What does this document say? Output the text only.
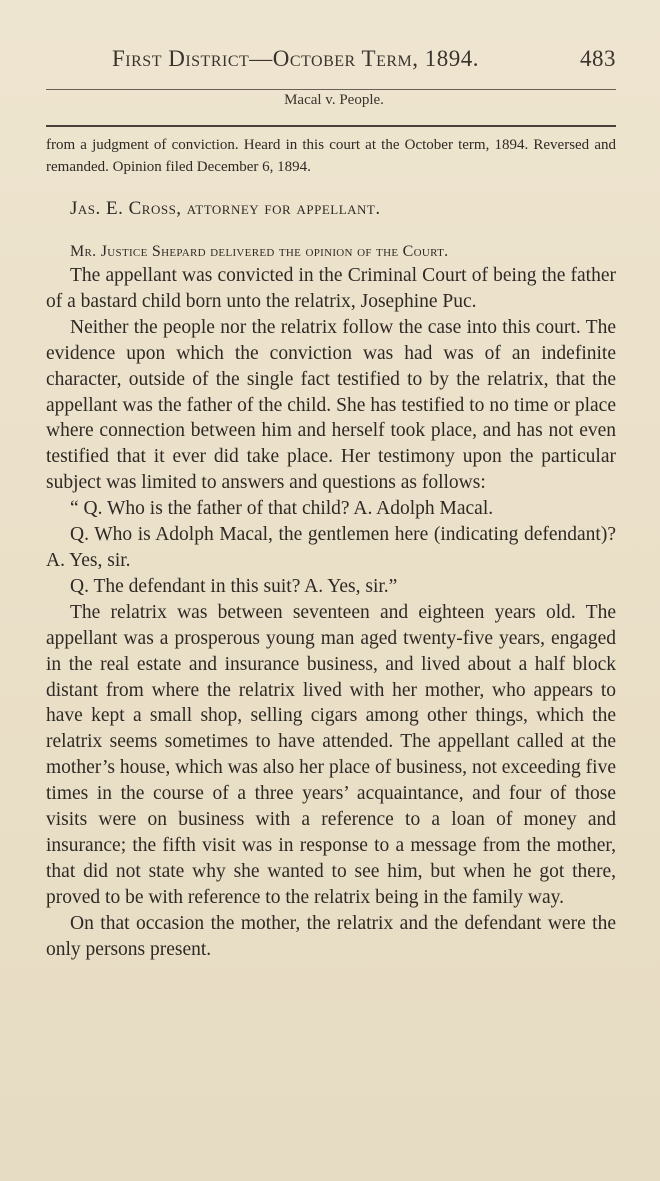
First District—October Term, 1894.	483
Macal v. People.
from a judgment of conviction. Heard in this court at the October term, 1894. Reversed and remanded. Opinion filed December 6, 1894.
Jas. E. Cross, attorney for appellant.
Mr. Justice Shepard delivered the opinion of the Court.

The appellant was convicted in the Criminal Court of being the father of a bastard child born unto the relatrix, Josephine Puc.

Neither the people nor the relatrix follow the case into this court. The evidence upon which the conviction was had was of an indefinite character, outside of the single fact testified to by the relatrix, that the appellant was the father of the child. She has testified to no time or place where connection between him and herself took place, and has not even testified that it ever did take place. Her testimony upon the particular subject was limited to answers and questions as follows:

“ Q. Who is the father of that child? A. Adolph Macal.

Q. Who is Adolph Macal, the gentlemen here (indicating defendant)? A. Yes, sir.

Q. The defendant in this suit? A. Yes, sir.”

The relatrix was between seventeen and eighteen years old. The appellant was a prosperous young man aged twenty-five years, engaged in the real estate and insurance business, and lived about a half block distant from where the relatrix lived with her mother, who appears to have kept a small shop, selling cigars among other things, which the relatrix seems sometimes to have attended. The appellant called at the mother’s house, which was also her place of business, not exceeding five times in the course of a three years’ acquaintance, and four of those visits were on business with a reference to a loan of money and insurance; the fifth visit was in response to a message from the mother, that did not state why she wanted to see him, but when he got there, proved to be with reference to the relatrix being in the family way.

On that occasion the mother, the relatrix and the defendant were the only persons present.
